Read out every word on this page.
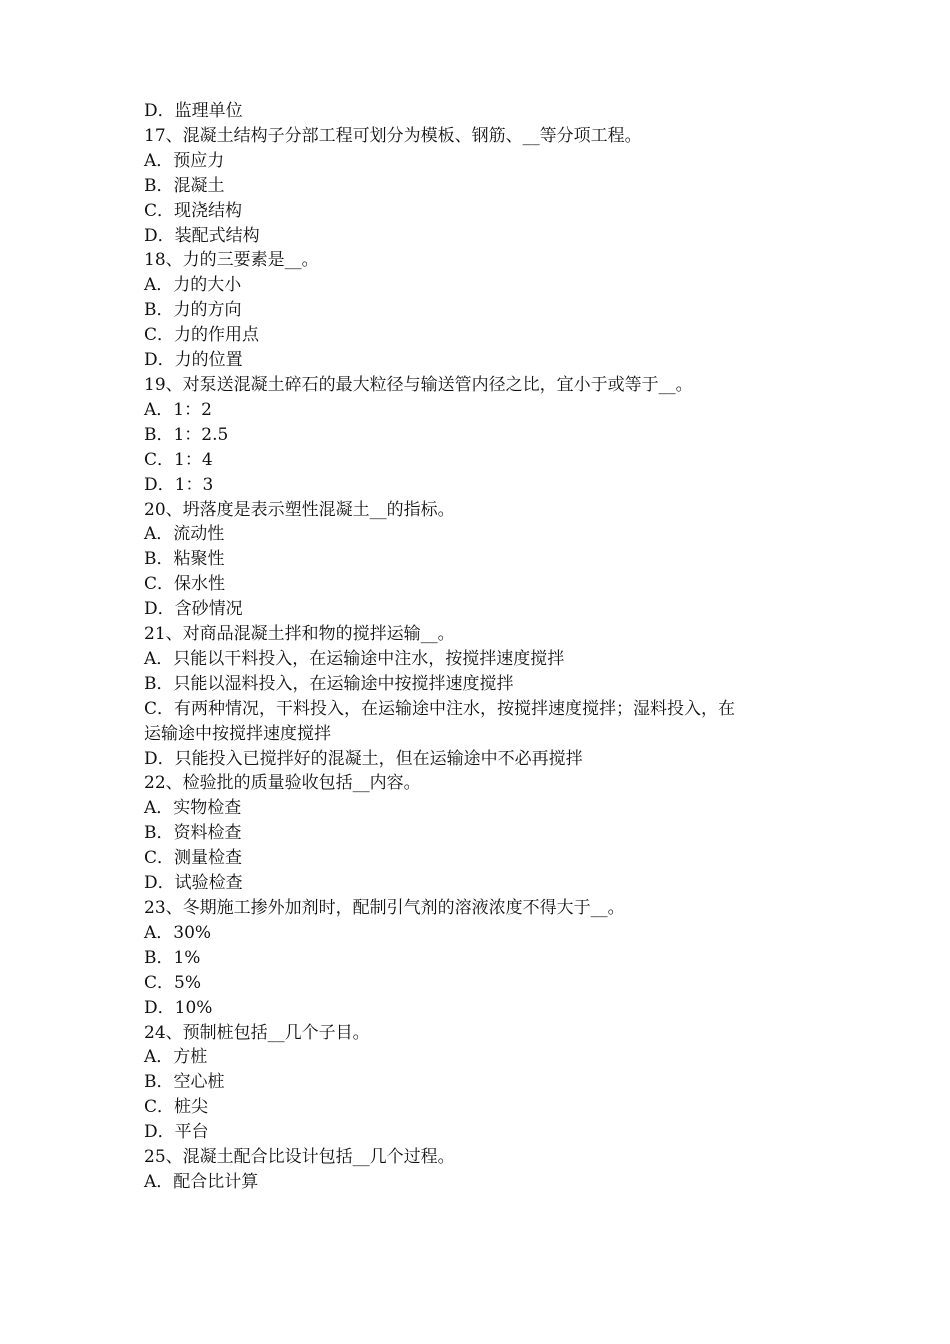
D．监理单位

17、混凝土结构子分部工程可划分为模板、钢筋、__等分项工程。

A．预应力

B．混凝土

C．现浇结构

D．装配式结构

18、力的三要素是__。

A．力的大小

B．力的方向

C．力的作用点

D．力的位置

19、对泵送混凝土碎石的最大粒径与输送管内径之比，宜小于或等于__。

A．1：2

B．1：2.5

C．1：4

D．1：3

20、坍落度是表示塑性混凝土__的指标。

A．流动性

B．粘聚性

C．保水性

D．含砂情况

21、对商品混凝土拌和物的搅拌运输__。

A．只能以干料投入，在运输途中注水，按搅拌速度搅拌

B．只能以湿料投入，在运输途中按搅拌速度搅拌

C．有两种情况，干料投入，在运输途中注水，按搅拌速度搅拌；湿料投入，在

运输途中按搅拌速度搅拌

D．只能投入已搅拌好的混凝土，但在运输途中不必再搅拌

22、检验批的质量验收包括__内容。

A．实物检查

B．资料检查

C．测量检查

D．试验检查

23、冬期施工掺外加剂时，配制引气剂的溶液浓度不得大于__。

A．30%

B．1%

C．5%

D．10%

24、预制桩包括__几个子目。

A．方桩

B．空心桩

C．桩尖

D．平台

25、混凝土配合比设计包括__几个过程。

A．配合比计算
